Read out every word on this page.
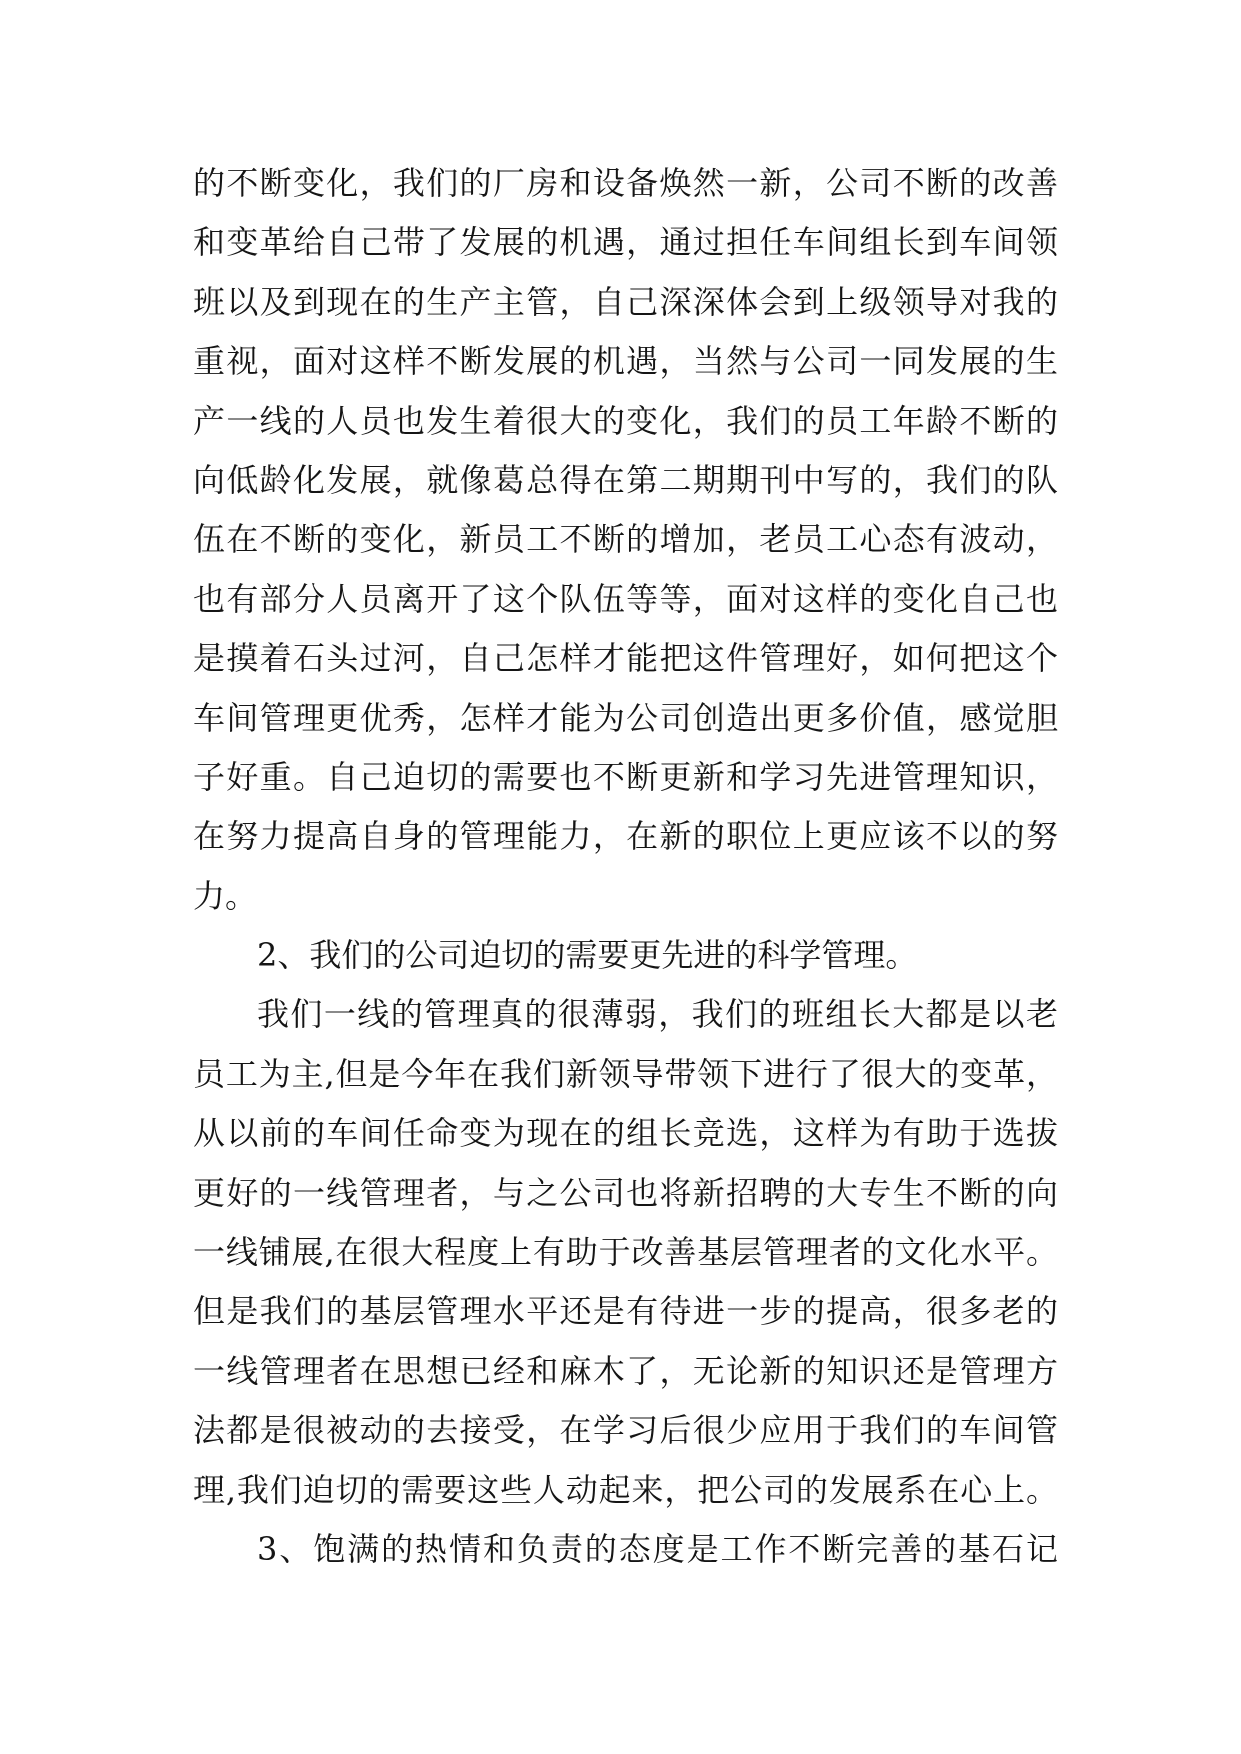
的不断变化，我们的厂房和设备焕然一新，公司不断的改善
和变革给自己带了发展的机遇，通过担任车间组长到车间领
班以及到现在的生产主管，自己深深体会到上级领导对我的
重视，面对这样不断发展的机遇，当然与公司一同发展的生
产一线的人员也发生着很大的变化，我们的员工年龄不断的
向低龄化发展，就像葛总得在第二期期刊中写的，我们的队
伍在不断的变化，新员工不断的增加，老员工心态有波动，
也有部分人员离开了这个队伍等等，面对这样的变化自己也
是摸着石头过河，自己怎样才能把这件管理好，如何把这个
车间管理更优秀，怎样才能为公司创造出更多价值，感觉胆
子好重。自己迫切的需要也不断更新和学习先进管理知识，
在努力提高自身的管理能力，在新的职位上更应该不以的努
力。
2、我们的公司迫切的需要更先进的科学管理。
我们一线的管理真的很薄弱，我们的班组长大都是以老
员工为主,但是今年在我们新领导带领下进行了很大的变革，
从以前的车间任命变为现在的组长竞选，这样为有助于选拔
更好的一线管理者，与之公司也将新招聘的大专生不断的向
一线铺展,在很大程度上有助于改善基层管理者的文化水平。
但是我们的基层管理水平还是有待进一步的提高，很多老的
一线管理者在思想已经和麻木了，无论新的知识还是管理方
法都是很被动的去接受，在学习后很少应用于我们的车间管
理,我们迫切的需要这些人动起来，把公司的发展系在心上。
3、饱满的热情和负责的态度是工作不断完善的基石记
